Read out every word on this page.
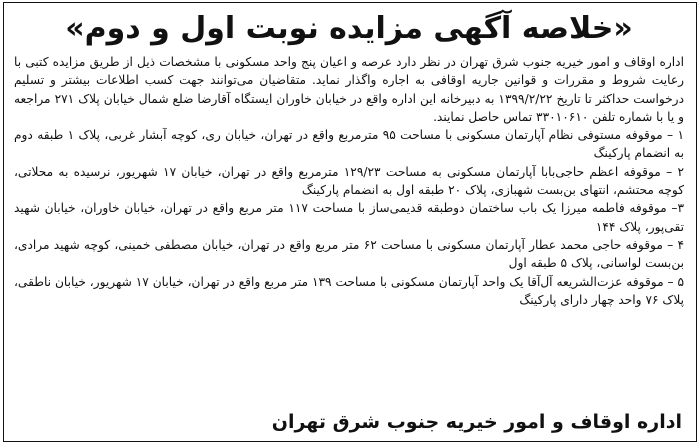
«خلاصه آگهی مزایده نوبت اول و دوم»

اداره اوقاف و امور خیریه جنوب شرق تهران در نظر دارد عرصه و اعیان پنج واحد مسکونی با مشخصات ذیل از طریق مزایده کتبی با رعایت شروط و مقررات و قوانین جاریه اوقافی به اجاره واگذار نماید. متقاضیان می‌توانند جهت کسب اطلاعات بیشتر و تسلیم درخواست حداکثر تا تاریخ ۱۳۹۹/۲/۲۲ به دبیرخانه این اداره واقع در خیابان خاوران ایستگاه آقارضا ضلع شمال خیابان پلاک ۲۷۱ مراجعه و یا با شماره تلفن ۳۳۰۱۰۶۱۰ تماس حاصل نمایند.

۱ – موقوفه مستوفی نظام آپارتمان مسکونی با مساحت ۹۵ مترمربع واقع در تهران، خیابان ری، کوچه آبشار غربی، پلاک ۱ طبقه دوم به انضمام پارکینگ

۲ – موقوفه اعظم حاجی‌بابا آپارتمان مسکونی به مساحت ۱۲۹/۲۳ مترمربع واقع در تهران، خیابان ۱۷ شهریور، نرسیده به محلاتی، کوچه محتشم، انتهای بن‌بست شهبازی، پلاک ۲۰ طبقه اول به انضمام پارکینگ

۳– موقوفه فاطمه میرزا یک باب ساختمان دوطبقه قدیمی‌ساز با مساحت ۱۱۷ متر مربع واقع در تهران، خیابان خاوران، خیابان شهید تقی‌پور، پلاک ۱۴۴

۴ – موقوفه حاجی محمد عطار آپارتمان مسکونی با مساحت ۶۲ متر مربع واقع در تهران، خیابان مصطفی خمینی، کوچه شهید مرادی، بن‌بست لواسانی، پلاک ۵ طبقه اول

۵ – موقوفه عزت‌الشریعه آل‌آقا یک واحد آپارتمان مسکونی با مساحت ۱۳۹ متر مربع واقع در تهران، خیابان ۱۷ شهریور، خیابان ناطقی، پلاک ۷۶ واحد چهار دارای پارکینگ

اداره اوقاف و امور خیریه جنوب شرق تهران
